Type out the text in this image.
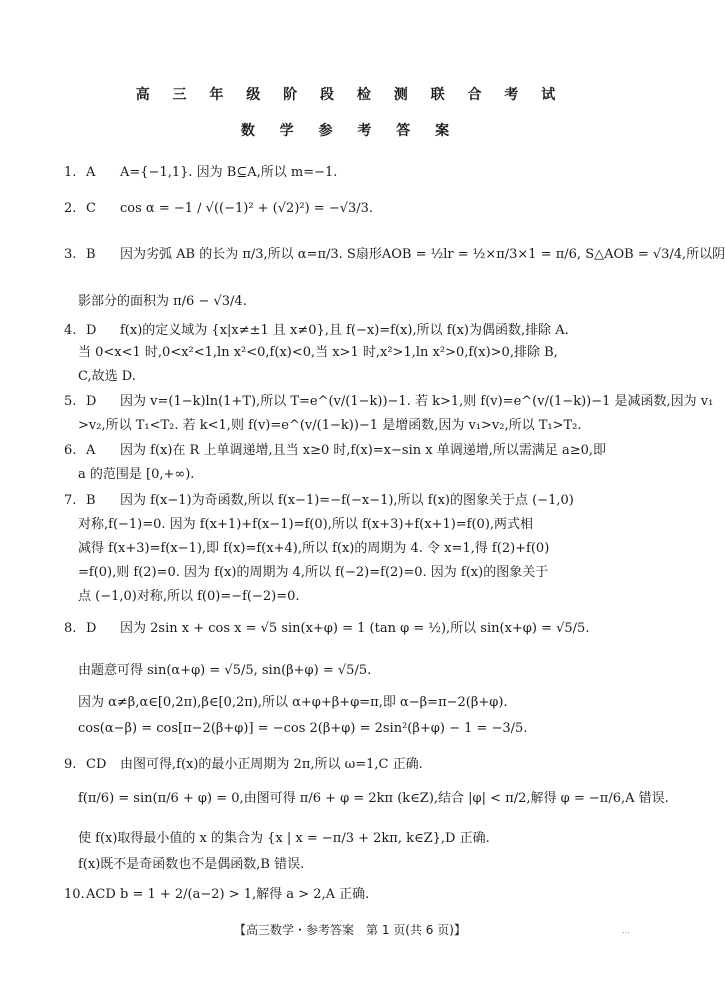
高 三 年 级 阶 段 检 测 联 合 考 试
数 学 参 考 答 案
1. A A={−1,1}. 因为 B⊆A,所以 m=−1.
2. C cos α = −1 / √((−1)² + (√2)²) = −√3/3.
3. B 因为劣弧 AB 的长为 π/3,所以 α=π/3. S扇形AOB = ½lr = ½×π/3×1 = π/6, S△AOB = √3/4,所以阴
影部分的面积为 π/6 − √3/4.
4. D f(x)的定义域为 {x|x≠±1 且 x≠0},且 f(−x)=f(x),所以 f(x)为偶函数,排除 A.
当 0<x<1 时,0<x²<1,ln x²<0,f(x)<0,当 x>1 时,x²>1,ln x²>0,f(x)>0,排除 B,
C,故选 D.
5. D 因为 v=(1−k)ln(1+T),所以 T=e^(v/(1−k))−1. 若 k>1,则 f(v)=e^(v/(1−k))−1 是减函数,因为 v₁
>v₂,所以 T₁<T₂. 若 k<1,则 f(v)=e^(v/(1−k))−1 是增函数,因为 v₁>v₂,所以 T₁>T₂.
6. A 因为 f(x)在 R 上单调递增,且当 x≥0 时,f(x)=x−sin x 单调递增,所以需满足 a≥0,即
a 的范围是 [0,+∞).
7. B 因为 f(x−1)为奇函数,所以 f(x−1)=−f(−x−1),所以 f(x)的图象关于点 (−1,0)
对称,f(−1)=0. 因为 f(x+1)+f(x−1)=f(0),所以 f(x+3)+f(x+1)=f(0),两式相
减得 f(x+3)=f(x−1),即 f(x)=f(x+4),所以 f(x)的周期为 4. 令 x=1,得 f(2)+f(0)
=f(0),则 f(2)=0. 因为 f(x)的周期为 4,所以 f(−2)=f(2)=0. 因为 f(x)的图象关于
点 (−1,0)对称,所以 f(0)=−f(−2)=0.
8. D 因为 2sin x + cos x = √5 sin(x+φ) = 1 (tan φ = ½),所以 sin(x+φ) = √5/5.
由题意可得 sin(α+φ) = √5/5, sin(β+φ) = √5/5.
因为 α≠β,α∈[0,2π),β∈[0,2π),所以 α+φ+β+φ=π,即 α−β=π−2(β+φ).
cos(α−β) = cos[π−2(β+φ)] = −cos 2(β+φ) = 2sin²(β+φ) − 1 = −3/5.
9. CD 由图可得,f(x)的最小正周期为 2π,所以 ω=1,C 正确.
f(π/6) = sin(π/6 + φ) = 0,由图可得 π/6 + φ = 2kπ (k∈Z),结合 |φ| < π/2,解得 φ = −π/6,A 错误.
使 f(x)取得最小值的 x 的集合为 {x | x = −π/3 + 2kπ, k∈Z},D 正确.
f(x)既不是奇函数也不是偶函数,B 错误.
10.ACD b = 1 + 2/(a−2) > 1,解得 a > 2,A 正确.
【高三数学・参考答案　第 1 页(共 6 页)】	…
